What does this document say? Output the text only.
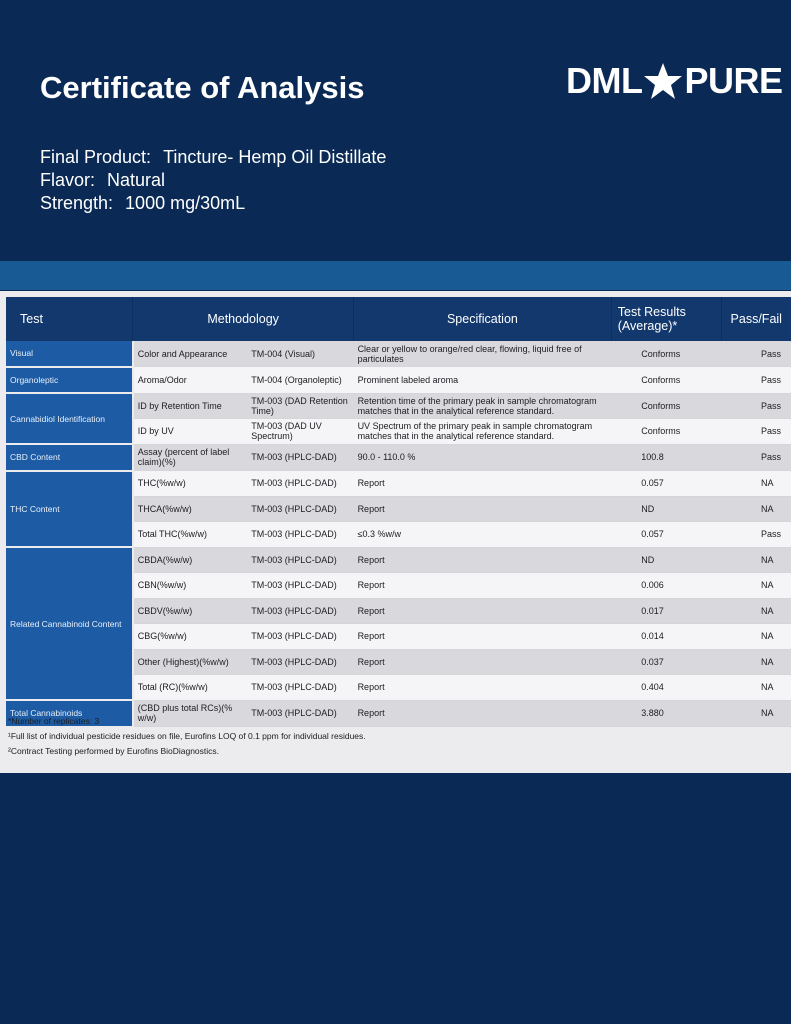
Certificate of Analysis	DML PURE
Final Product: Tincture- Hemp Oil Distillate
Flavor: Natural
Strength: 1000 mg/30mL
Test	Methodology		Specification	Test Results (Average)*	Pass/Fail
Visual	Color and Appearance	TM-004 (Visual)	Clear or yellow to orange/red clear, flowing, liquid free of particulates	Conforms	Pass
Organoleptic	Aroma/Odor	TM-004 (Organoleptic)	Prominent labeled aroma	Conforms	Pass
Cannabidiol Identification	ID by Retention Time	TM-003 (DAD Retention Time)	Retention time of the primary peak in sample chromatogram matches that in the analytical reference standard.	Conforms	Pass
	ID by UV	TM-003 (DAD UV Spectrum)	UV Spectrum of the primary peak in sample chromatogram matches that in the analytical reference standard.	Conforms	Pass
CBD Content	Assay (percent of label claim)(%)	TM-003 (HPLC-DAD)	90.0 - 110.0 %	100.8	Pass
THC Content	THC(%w/w)	TM-003 (HPLC-DAD)	Report	0.057	NA
	THCA(%w/w)	TM-003 (HPLC-DAD)	Report	ND	NA
	Total THC(%w/w)	TM-003 (HPLC-DAD)	≤0.3 %w/w	0.057	Pass
Related Cannabinoid Content	CBDA(%w/w)	TM-003 (HPLC-DAD)	Report	ND	NA
	CBN(%w/w)	TM-003 (HPLC-DAD)	Report	0.006	NA
	CBDV(%w/w)	TM-003 (HPLC-DAD)	Report	0.017	NA
	CBG(%w/w)	TM-003 (HPLC-DAD)	Report	0.014	NA
	Other (Highest)(%w/w)	TM-003 (HPLC-DAD)	Report	0.037	NA
	Total (RC)(%w/w)	TM-003 (HPLC-DAD)	Report	0.404	NA
Total Cannabinoids	(CBD plus total RCs)(% w/w)	TM-003 (HPLC-DAD)	Report	3.880	NA
*Number of replicates: 3
¹Full list of individual pesticide residues on file, Eurofins LOQ of 0.1 ppm for individual residues.
²Contract Testing performed by Eurofins BioDiagnostics.
